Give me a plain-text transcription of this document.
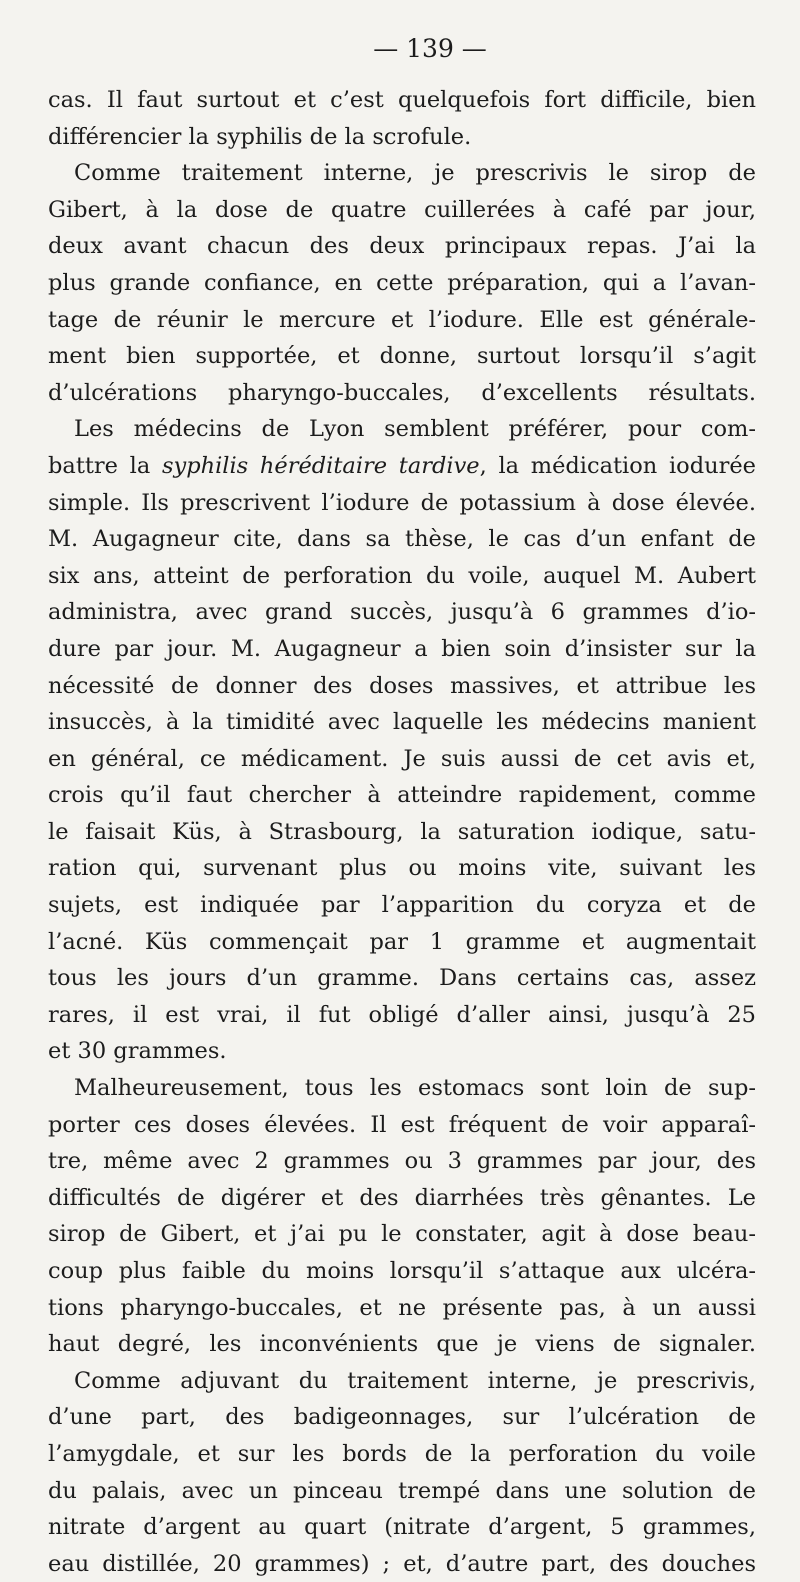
— 139 —
cas. Il faut surtout et c’est quelquefois fort difficile, bien
différencier la syphilis de la scrofule.
Comme traitement interne, je prescrivis le sirop de
Gibert, à la dose de quatre cuillerées à café par jour,
deux avant chacun des deux principaux repas. J’ai la
plus grande confiance, en cette préparation, qui a l’avan-
tage de réunir le mercure et l’iodure. Elle est générale-
ment bien supportée, et donne, surtout lorsqu’il s’agit
d’ulcérations pharyngo-buccales, d’excellents résultats.
Les médecins de Lyon semblent préférer, pour com-
battre la syphilis héréditaire tardive, la médication iodurée
simple. Ils prescrivent l’iodure de potassium à dose élevée.
M. Augagneur cite, dans sa thèse, le cas d’un enfant de
six ans, atteint de perforation du voile, auquel M. Aubert
administra, avec grand succès, jusqu’à 6 grammes d’io-
dure par jour. M. Augagneur a bien soin d’insister sur la
nécessité de donner des doses massives, et attribue les
insuccès, à la timidité avec laquelle les médecins manient
en général, ce médicament. Je suis aussi de cet avis et,
crois qu’il faut chercher à atteindre rapidement, comme
le faisait Küs, à Strasbourg, la saturation iodique, satu-
ration qui, survenant plus ou moins vite, suivant les
sujets, est indiquée par l’apparition du coryza et de
l’acné. Küs commençait par 1 gramme et augmentait
tous les jours d’un gramme. Dans certains cas, assez
rares, il est vrai, il fut obligé d’aller ainsi, jusqu’à 25
et 30 grammes.
Malheureusement, tous les estomacs sont loin de sup-
porter ces doses élevées. Il est fréquent de voir apparaî-
tre, même avec 2 grammes ou 3 grammes par jour, des
difficultés de digérer et des diarrhées très gênantes. Le
sirop de Gibert, et j’ai pu le constater, agit à dose beau-
coup plus faible du moins lorsqu’il s’attaque aux ulcéra-
tions pharyngo-buccales, et ne présente pas, à un aussi
haut degré, les inconvénients que je viens de signaler.
Comme adjuvant du traitement interne, je prescrivis,
d’une part, des badigeonnages, sur l’ulcération de
l’amygdale, et sur les bords de la perforation du voile
du palais, avec un pinceau trempé dans une solution de
nitrate d’argent au quart (nitrate d’argent, 5 grammes,
eau distillée, 20 grammes) ; et, d’autre part, des douches
